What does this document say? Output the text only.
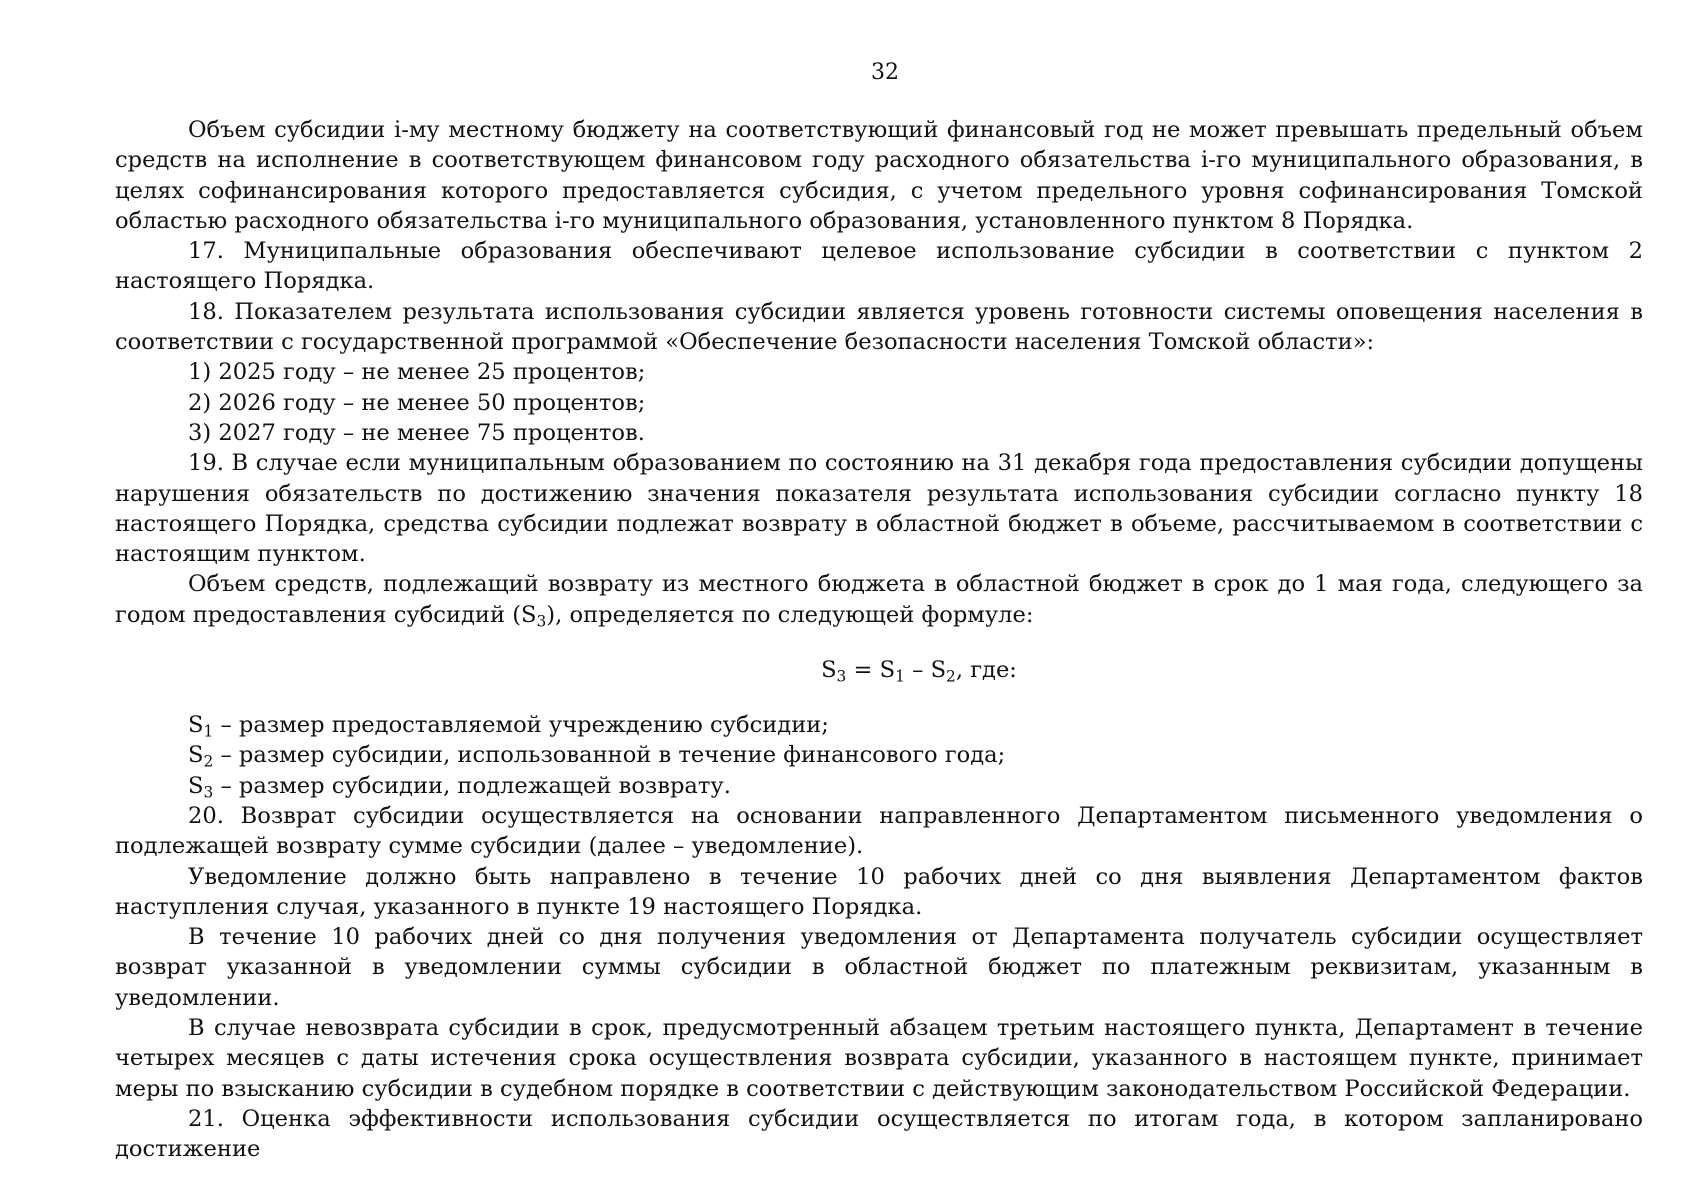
32

Объем субсидии i-му местному бюджету на соответствующий финансовый год не может превышать предельный объем средств на исполнение в соответствующем финансовом году расходного обязательства i-го муниципального образования, в целях софинансирования которого предоставляется субсидия, с учетом предельного уровня софинансирования Томской областью расходного обязательства i-го муниципального образования, установленного пунктом 8 Порядка.

17. Муниципальные образования обеспечивают целевое использование субсидии в соответствии с пунктом 2 настоящего Порядка.

18. Показателем результата использования субсидии является уровень готовности системы оповещения населения в соответствии с государственной программой «Обеспечение безопасности населения Томской области»:

1) 2025 году – не менее 25 процентов;

2) 2026 году – не менее 50 процентов;

3) 2027 году – не менее 75 процентов.

19. В случае если муниципальным образованием по состоянию на 31 декабря года предоставления субсидии допущены нарушения обязательств по достижению значения показателя результата использования субсидии согласно пункту 18 настоящего Порядка, средства субсидии подлежат возврату в областной бюджет в объеме, рассчитываемом в соответствии с настоящим пунктом.

Объем средств, подлежащий возврату из местного бюджета в областной бюджет в срок до 1 мая года, следующего за годом предоставления субсидий $(S_3)$, определяется по следующей формуле:

$S_3 = S_1 - S_2$, где:

$S_1$ – размер предоставляемой учреждению субсидии;

$S_2$ – размер субсидии, использованной в течение финансового года;

$S_3$ – размер субсидии, подлежащей возврату.

20. Возврат субсидии осуществляется на основании направленного Департаментом письменного уведомления о подлежащей возврату сумме субсидии (далее – уведомление).

Уведомление должно быть направлено в течение 10 рабочих дней со дня выявления Департаментом фактов наступления случая, указанного в пункте 19 настоящего Порядка.

В течение 10 рабочих дней со дня получения уведомления от Департамента получатель субсидии осуществляет возврат указанной в уведомлении суммы субсидии в областной бюджет по платежным реквизитам, указанным в уведомлении.

В случае невозврата субсидии в срок, предусмотренный абзацем третьим настоящего пункта, Департамент в течение четырех месяцев с даты истечения срока осуществления возврата субсидии, указанного в настоящем пункте, принимает меры по взысканию субсидии в судебном порядке в соответствии с действующим законодательством Российской Федерации.

21. Оценка эффективности использования субсидии осуществляется по итогам года, в котором запланировано достижение
